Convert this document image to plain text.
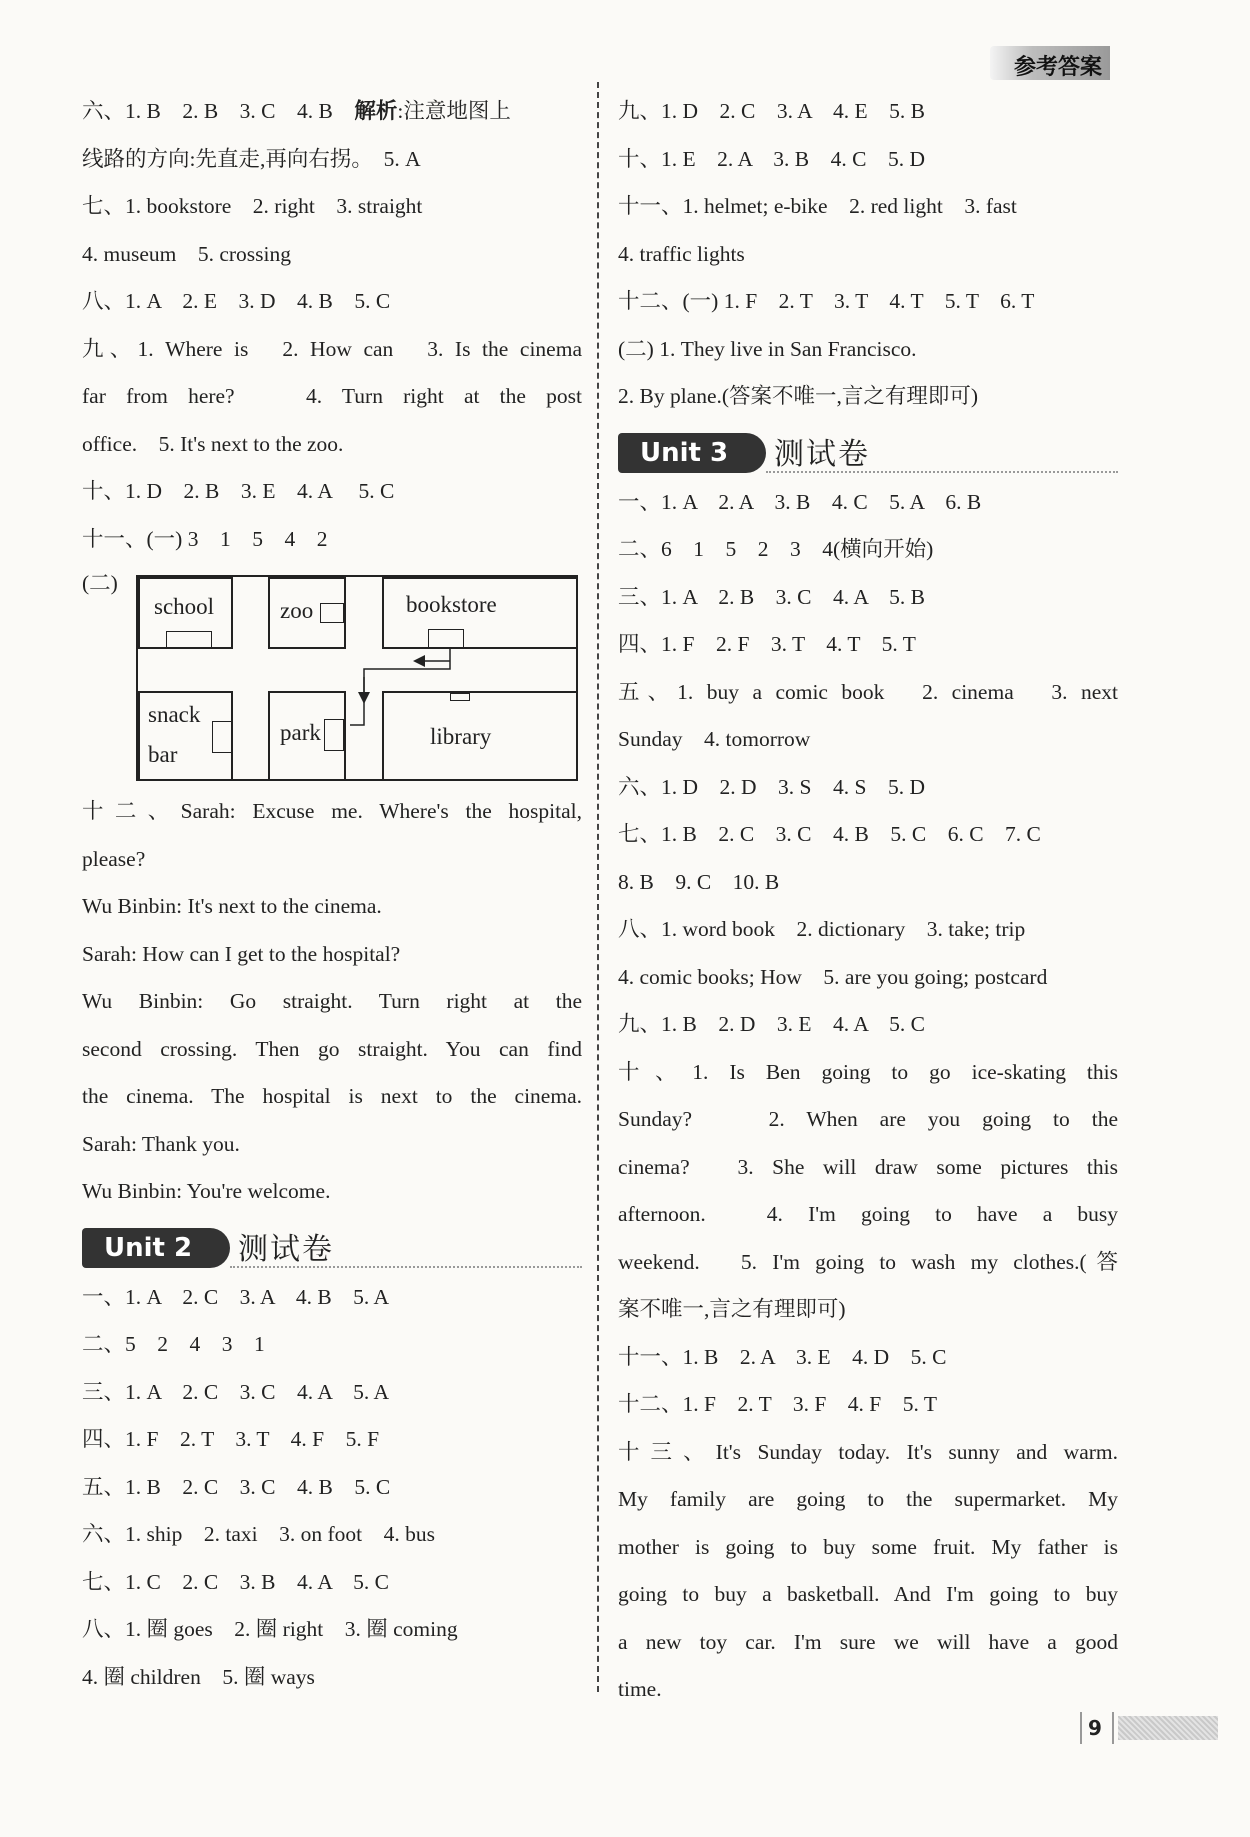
参考答案
六、1. B　2. B　3. C　4. B　解析:注意地图上
线路的方向:先直走,再向右拐。　5. A
七、1. bookstore　2. right　3. straight
4. museum　5. crossing
八、1. A　2. E　3. D　4. B　5. C
九、1. Where is　2. How can　3. Is the cinema
far from here?　 4. Turn right at the post
office.　5. It's next to the zoo.
十、1. D　2. B　3. E　4. A　 5. C
十一、(一) 3　1　5　4　2
(二)
school	zoo	bookstore
snack
bar
park	library
十二、Sarah: Excuse me. Where's the hospital,
please?
Wu Binbin: It's next to the cinema.
Sarah: How can I get to the hospital?
Wu Binbin: Go straight. Turn right at the
second crossing. Then go straight. You can find
the cinema. The hospital is next to the cinema.
Sarah: Thank you.
Wu Binbin: You're welcome.
Unit 2	测试卷
一、1. A　2. C　3. A　4. B　5. A
二、5　2　4　3　1
三、1. A　2. C　3. C　4. A　5. A
四、1. F　2. T　3. T　4. F　5. F
五、1. B　2. C　3. C　4. B　5. C
六、1. ship　2. taxi　3. on foot　4. bus
七、1. C　2. C　3. B　4. A　5. C
八、1. 圈 goes　2. 圈 right　3. 圈 coming
4. 圈 children　5. 圈 ways
九、1. D　2. C　3. A　4. E　5. B
十、1. E　2. A　3. B　4. C　5. D
十一、1. helmet; e-bike　2. red light　3. fast
4. traffic lights
十二、(一) 1. F　2. T　3. T　4. T　5. T　6. T
(二) 1. They live in San Francisco.
2. By plane.(答案不唯一,言之有理即可)
Unit 3	测试卷
一、1. A　2. A　3. B　4. C　5. A　6. B
二、6　1　5　2　3　4(横向开始)
三、1. A　2. B　3. C　4. A　5. B
四、1. F　2. F　3. T　4. T　5. T
五、1. buy a comic book　2. cinema　3. next
Sunday　4. tomorrow
六、1. D　2. D　3. S　4. S　5. D
七、1. B　2. C　3. C　4. B　5. C　6. C　7. C
8. B　9. C　10. B
八、1. word book　2. dictionary　3. take; trip
4. comic books; How　5. are you going; postcard
九、1. B　2. D　3. E　4. A　5. C
十、1. Is Ben going to go ice-skating this
Sunday?　 2. When are you going to the
cinema?　3. She will draw some pictures this
afternoon.　4. I'm going to have a busy
weekend.　5. I'm going to wash my clothes.(答
案不唯一,言之有理即可)
十一、1. B　2. A　3. E　4. D　5. C
十二、1. F　2. T　3. F　4. F　5. T
十三、It's Sunday today. It's sunny and warm.
My family are going to the supermarket. My
mother is going to buy some fruit. My father is
going to buy a basketball. And I'm going to buy
a new toy car. I'm sure we will have a good
time.
9
